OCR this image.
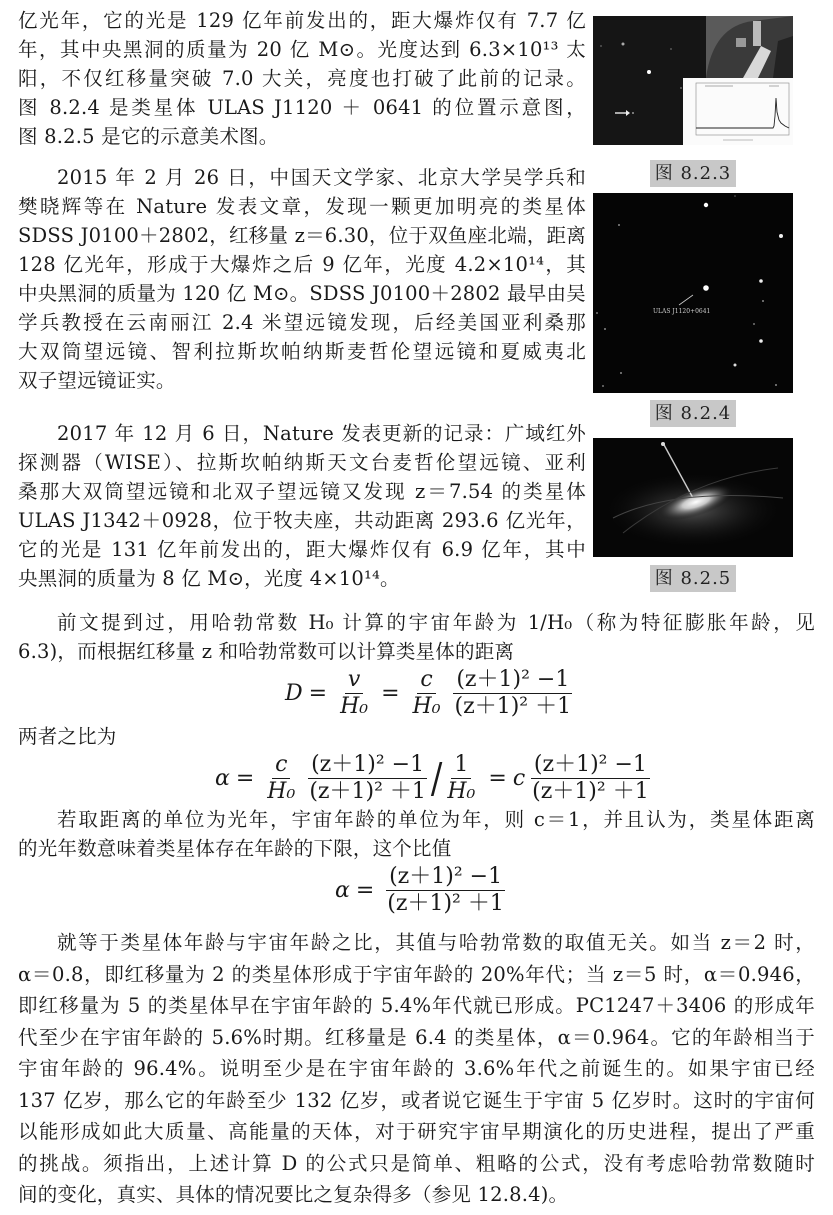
亿光年，它的光是 129 亿年前发出的，距大爆炸仅有 7.7 亿
年，其中央黑洞的质量为 20 亿 M⊙。光度达到 6.3×10¹³ 太
阳，不仅红移量突破 7.0 大关，亮度也打破了此前的记录。
图 8.2.4 是类星体 ULAS J1120 ＋ 0641 的位置示意图，
图 8.2.5 是它的示意美术图。
2015 年 2 月 26 日，中国天文学家、北京大学吴学兵和
樊晓辉等在 Nature 发表文章，发现一颗更加明亮的类星体
SDSS J0100＋2802，红移量 z＝6.30，位于双鱼座北端，距离
128 亿光年，形成于大爆炸之后 9 亿年，光度 4.2×10¹⁴，其
中央黑洞的质量为 120 亿 M⊙。SDSS J0100＋2802 最早由吴
学兵教授在云南丽江 2.4 米望远镜发现，后经美国亚利桑那
大双筒望远镜、智利拉斯坎帕纳斯麦哲伦望远镜和夏威夷北
双子望远镜证实。
2017 年 12 月 6 日，Nature 发表更新的记录：广域红外
探测器（WISE）、拉斯坎帕纳斯天文台麦哲伦望远镜、亚利
桑那大双筒望远镜和北双子望远镜又发现 z＝7.54 的类星体
ULAS J1342＋0928，位于牧夫座，共动距离 293.6 亿光年，
它的光是 131 亿年前发出的，距大爆炸仅有 6.9 亿年，其中
央黑洞的质量为 8 亿 M⊙，光度 4×10¹⁴。
图 8.2.3
ULAS J1120+0641
图 8.2.4
图 8.2.5
前文提到过，用哈勃常数 H₀ 计算的宇宙年龄为 1/H₀（称为特征膨胀年龄，见
6.3)，而根据红移量 z 和哈勃常数可以计算类星体的距离
$D = \frac{v}{\text{H₀}} = \frac{c}{\text{H₀}} \frac{\text{(z＋1)² −1}}{\text{(z＋1)² ＋1}}$
两者之比为
$\alpha = \frac{c}{\text{H₀}} \frac{\text{(z＋1)² −1}}{\text{(z＋1)² ＋1}} / \frac{1}{\text{H₀}} = c \frac{\text{(z＋1)² −1}}{\text{(z＋1)² ＋1}}$
若取距离的单位为光年，宇宙年龄的单位为年，则 c＝1，并且认为，类星体距离
的光年数意味着类星体存在年龄的下限，这个比值
$\alpha = \frac{\text{(z＋1)² −1}}{\text{(z＋1)² ＋1}}$
就等于类星体年龄与宇宙年龄之比，其值与哈勃常数的取值无关。如当 z＝2 时，
α＝0.8，即红移量为 2 的类星体形成于宇宙年龄的 20%年代；当 z＝5 时，α＝0.946，
即红移量为 5 的类星体早在宇宙年龄的 5.4%年代就已形成。PC1247＋3406 的形成年
代至少在宇宙年龄的 5.6%时期。红移量是 6.4 的类星体，α＝0.964。它的年龄相当于
宇宙年龄的 96.4%。说明至少是在宇宙年龄的 3.6%年代之前诞生的。如果宇宙已经
137 亿岁，那么它的年龄至少 132 亿岁，或者说它诞生于宇宙 5 亿岁时。这时的宇宙何
以能形成如此大质量、高能量的天体，对于研究宇宙早期演化的历史进程，提出了严重
的挑战。须指出，上述计算 D 的公式只是简单、粗略的公式，没有考虑哈勃常数随时
间的变化，真实、具体的情况要比之复杂得多（参见 12.8.4)。
